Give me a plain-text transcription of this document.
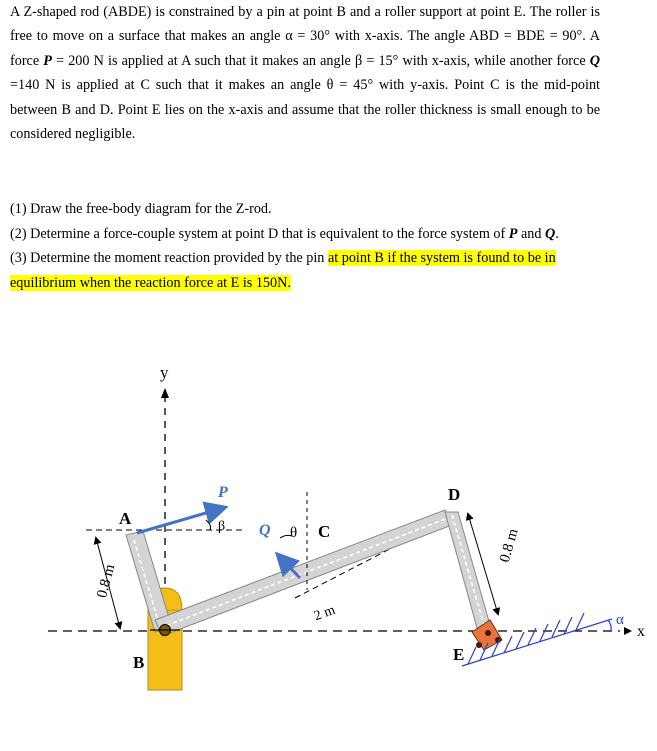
A Z-shaped rod (ABDE) is constrained by a pin at point B and a roller support at point E. The roller is free to move on a surface that makes an angle α = 30° with x-axis. The angle ABD = BDE = 90°. A force P = 200 N is applied at A such that it makes an angle β = 15° with x-axis, while another force Q =140 N is applied at C such that it makes an angle θ = 45° with y-axis. Point C is the mid-point between B and D. Point E lies on the x-axis and assume that the roller thickness is small enough to be considered negligible.

(1) Draw the free-body diagram for the Z-rod.

(2) Determine a force-couple system at point D that is equivalent to the force system of P and Q.

(3) Determine the moment reaction provided by the pin at point B if the system is found to be in

equilibrium when the reaction force at E is 150N.

y
α
x
P
β Q θ C
A
B
D
E
2 m
0.8 m
0.8 m
